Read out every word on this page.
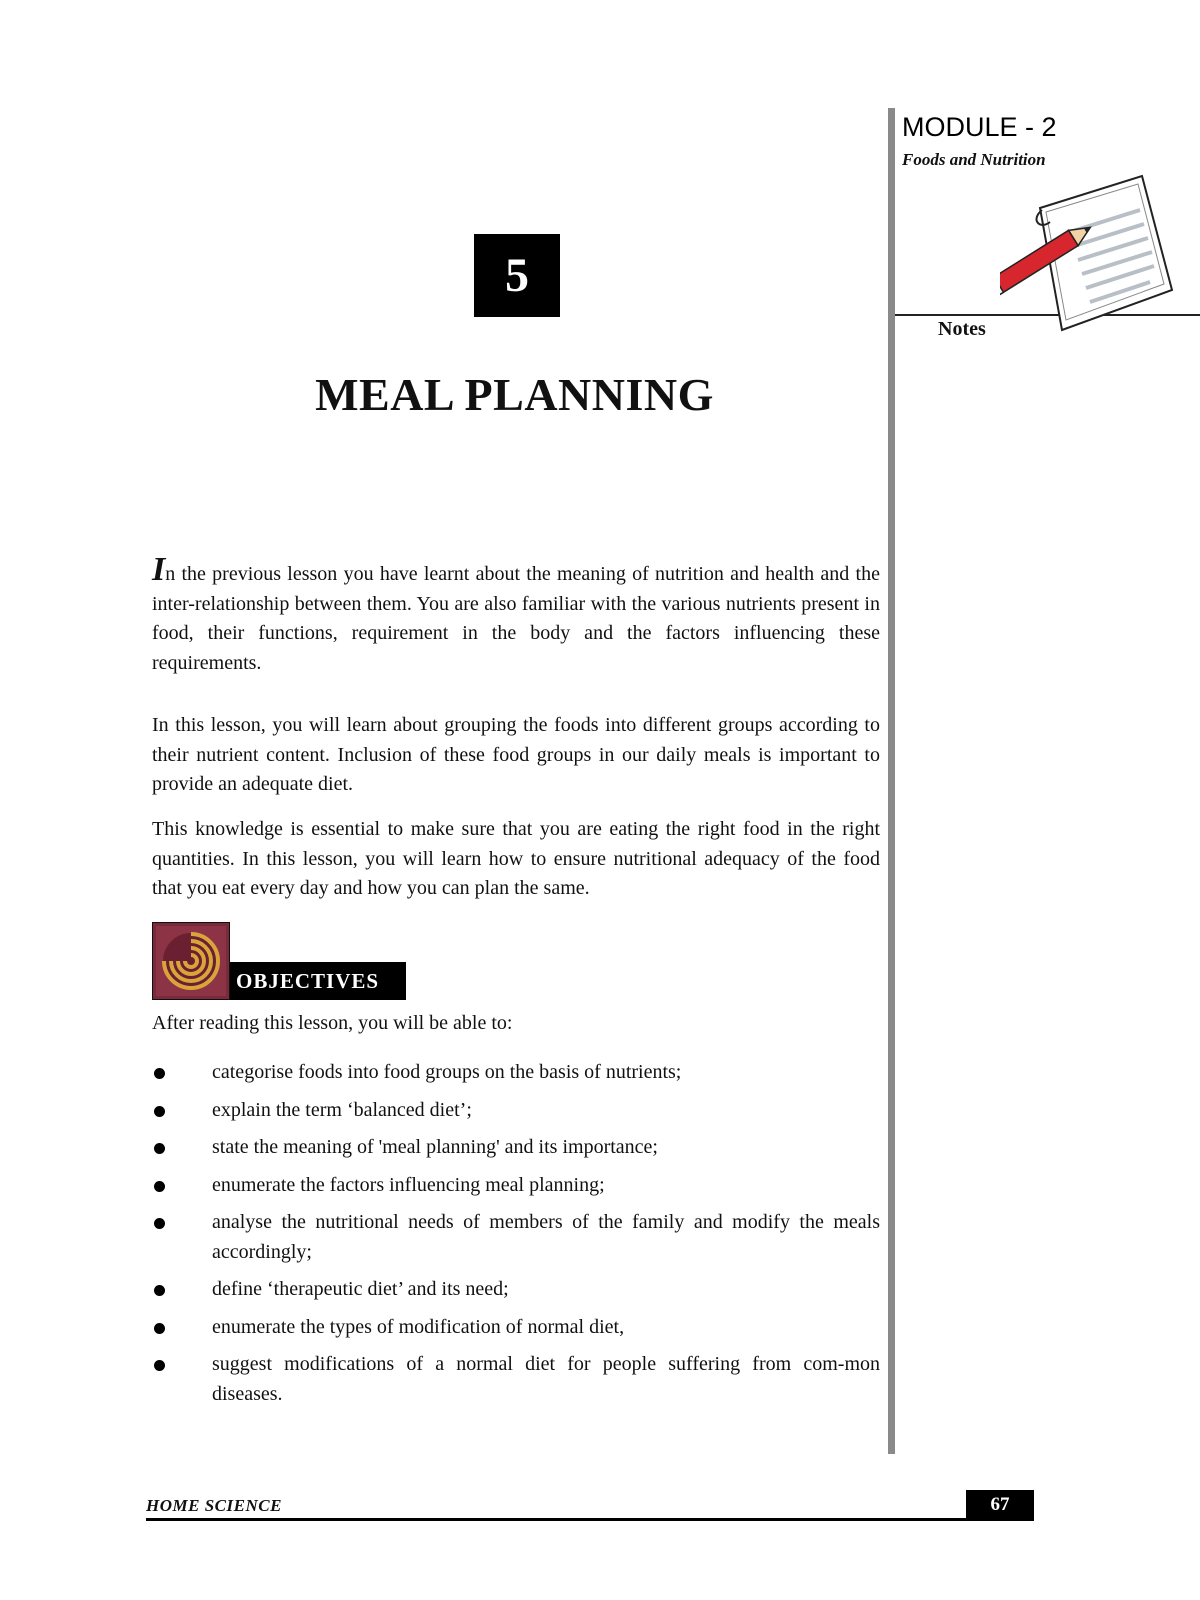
MODULE - 2
Foods and Nutrition
Notes
5
MEAL PLANNING
In the previous lesson you have learnt about the meaning of nutrition and health and the inter-relationship between them. You are also familiar with the various nutrients present in food, their functions, requirement in the body and the factors influencing these requirements.
In this lesson, you will learn about grouping the foods into different groups according to their nutrient content. Inclusion of these food groups in our daily meals is important to provide an adequate diet.
This knowledge is essential to make sure that you are eating the right food in the right quantities. In this lesson, you will learn how to ensure nutritional adequacy of the food that you eat every day and how you can plan the same.
OBJECTIVES
After reading this lesson, you will be able to:
categorise foods into food groups on the basis of nutrients;
explain the term ‘balanced diet’;
state the meaning of 'meal planning' and its importance;
enumerate the factors influencing meal planning;
analyse the nutritional needs of members of the family and modify the meals accordingly;
define ‘therapeutic diet’ and its need;
enumerate the types of modification of normal diet,
suggest modifications of a normal diet for people suffering from com-mon diseases.
HOME SCIENCE	67
